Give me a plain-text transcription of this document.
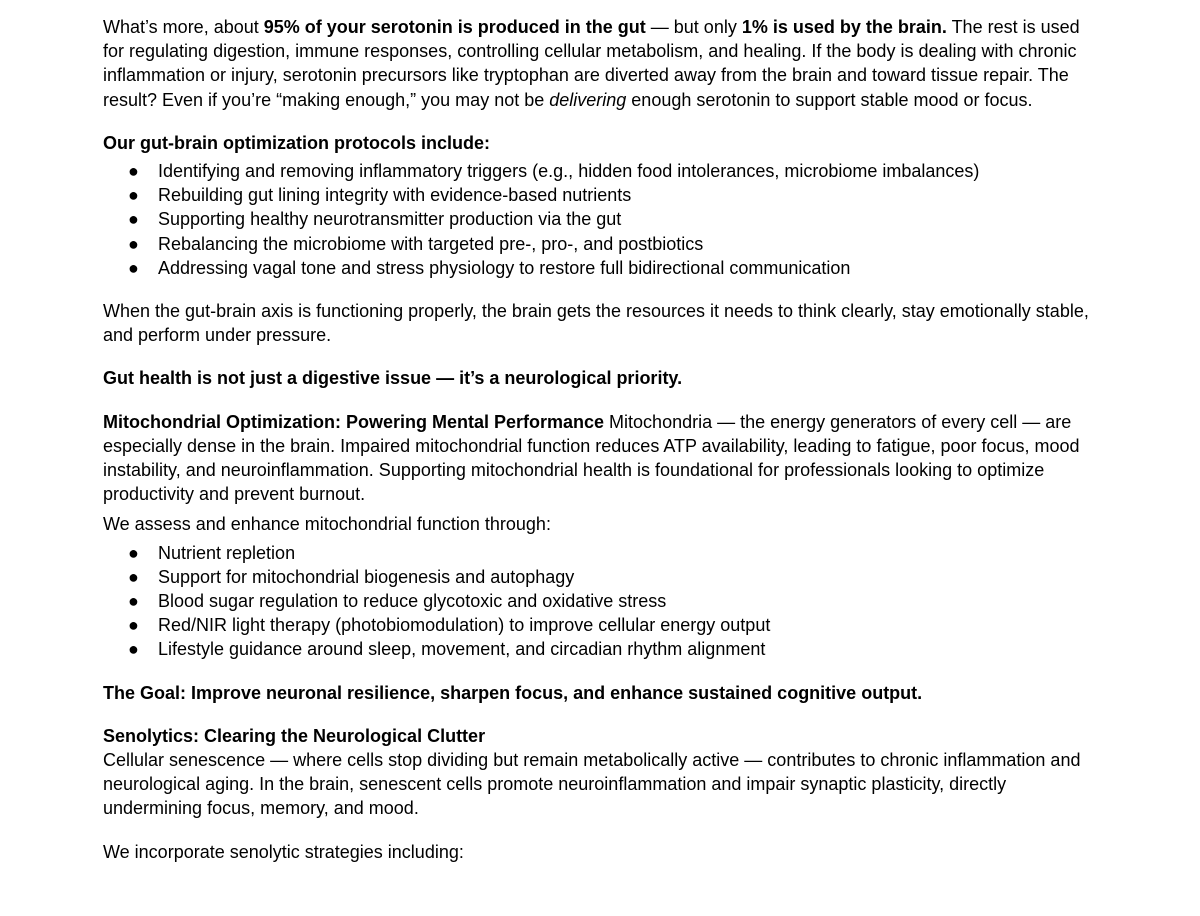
What’s more, about 95% of your serotonin is produced in the gut — but only 1% is used by the brain. The rest is used for regulating digestion, immune responses, controlling cellular metabolism, and healing. If the body is dealing with chronic inflammation or injury, serotonin precursors like tryptophan are diverted away from the brain and toward tissue repair. The result? Even if you’re “making enough,” you may not be delivering enough serotonin to support stable mood or focus.

Our gut-brain optimization protocols include:

● Identifying and removing inflammatory triggers (e.g., hidden food intolerances, microbiome imbalances)
● Rebuilding gut lining integrity with evidence-based nutrients
● Supporting healthy neurotransmitter production via the gut
● Rebalancing the microbiome with targeted pre-, pro-, and postbiotics
● Addressing vagal tone and stress physiology to restore full bidirectional communication

When the gut-brain axis is functioning properly, the brain gets the resources it needs to think clearly, stay emotionally stable, and perform under pressure.

Gut health is not just a digestive issue — it’s a neurological priority.

Mitochondrial Optimization: Powering Mental Performance Mitochondria — the energy generators of every cell — are especially dense in the brain. Impaired mitochondrial function reduces ATP availability, leading to fatigue, poor focus, mood instability, and neuroinflammation. Supporting mitochondrial health is foundational for professionals looking to optimize productivity and prevent burnout.

We assess and enhance mitochondrial function through:

● Nutrient repletion
● Support for mitochondrial biogenesis and autophagy
● Blood sugar regulation to reduce glycotoxic and oxidative stress
● Red/NIR light therapy (photobiomodulation) to improve cellular energy output
● Lifestyle guidance around sleep, movement, and circadian rhythm alignment

The Goal: Improve neuronal resilience, sharpen focus, and enhance sustained cognitive output.

Senolytics: Clearing the Neurological Clutter

Cellular senescence — where cells stop dividing but remain metabolically active — contributes to chronic inflammation and neurological aging. In the brain, senescent cells promote neuroinflammation and impair synaptic plasticity, directly undermining focus, memory, and mood.

We incorporate senolytic strategies including:
